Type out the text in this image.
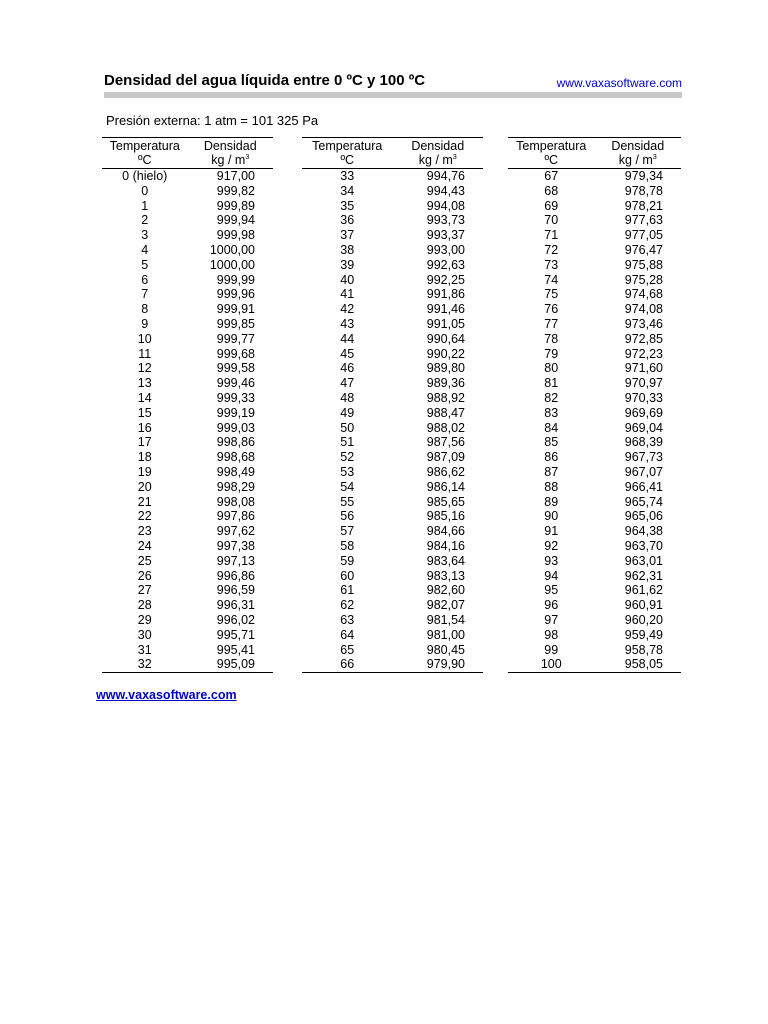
Densidad del agua líquida entre 0 ºC y 100 ºC	www.vaxasoftware.com
Presión externa: 1 atm = 101 325 Pa
Temperatura	Densidad
ºC	kg / $m^3$
0 (hielo)	917,00
0	999,82
1	999,89
2	999,94
3	999,98
4	1000,00
5	1000,00
6	999,99
7	999,96
8	999,91
9	999,85
10	999,77
11	999,68
12	999,58
13	999,46
14	999,33
15	999,19
16	999,03
17	998,86
18	998,68
19	998,49
20	998,29
21	998,08
22	997,86
23	997,62
24	997,38
25	997,13
26	996,86
27	996,59
28	996,31
29	996,02
30	995,71
31	995,41
32	995,09
Temperatura	Densidad
ºC	kg / $m^3$
33	994,76
34	994,43
35	994,08
36	993,73
37	993,37
38	993,00
39	992,63
40	992,25
41	991,86
42	991,46
43	991,05
44	990,64
45	990,22
46	989,80
47	989,36
48	988,92
49	988,47
50	988,02
51	987,56
52	987,09
53	986,62
54	986,14
55	985,65
56	985,16
57	984,66
58	984,16
59	983,64
60	983,13
61	982,60
62	982,07
63	981,54
64	981,00
65	980,45
66	979,90
Temperatura	Densidad
ºC	kg / $m^3$
67	979,34
68	978,78
69	978,21
70	977,63
71	977,05
72	976,47
73	975,88
74	975,28
75	974,68
76	974,08
77	973,46
78	972,85
79	972,23
80	971,60
81	970,97
82	970,33
83	969,69
84	969,04
85	968,39
86	967,73
87	967,07
88	966,41
89	965,74
90	965,06
91	964,38
92	963,70
93	963,01
94	962,31
95	961,62
96	960,91
97	960,20
98	959,49
99	958,78
100	958,05
www.vaxasoftware.com
